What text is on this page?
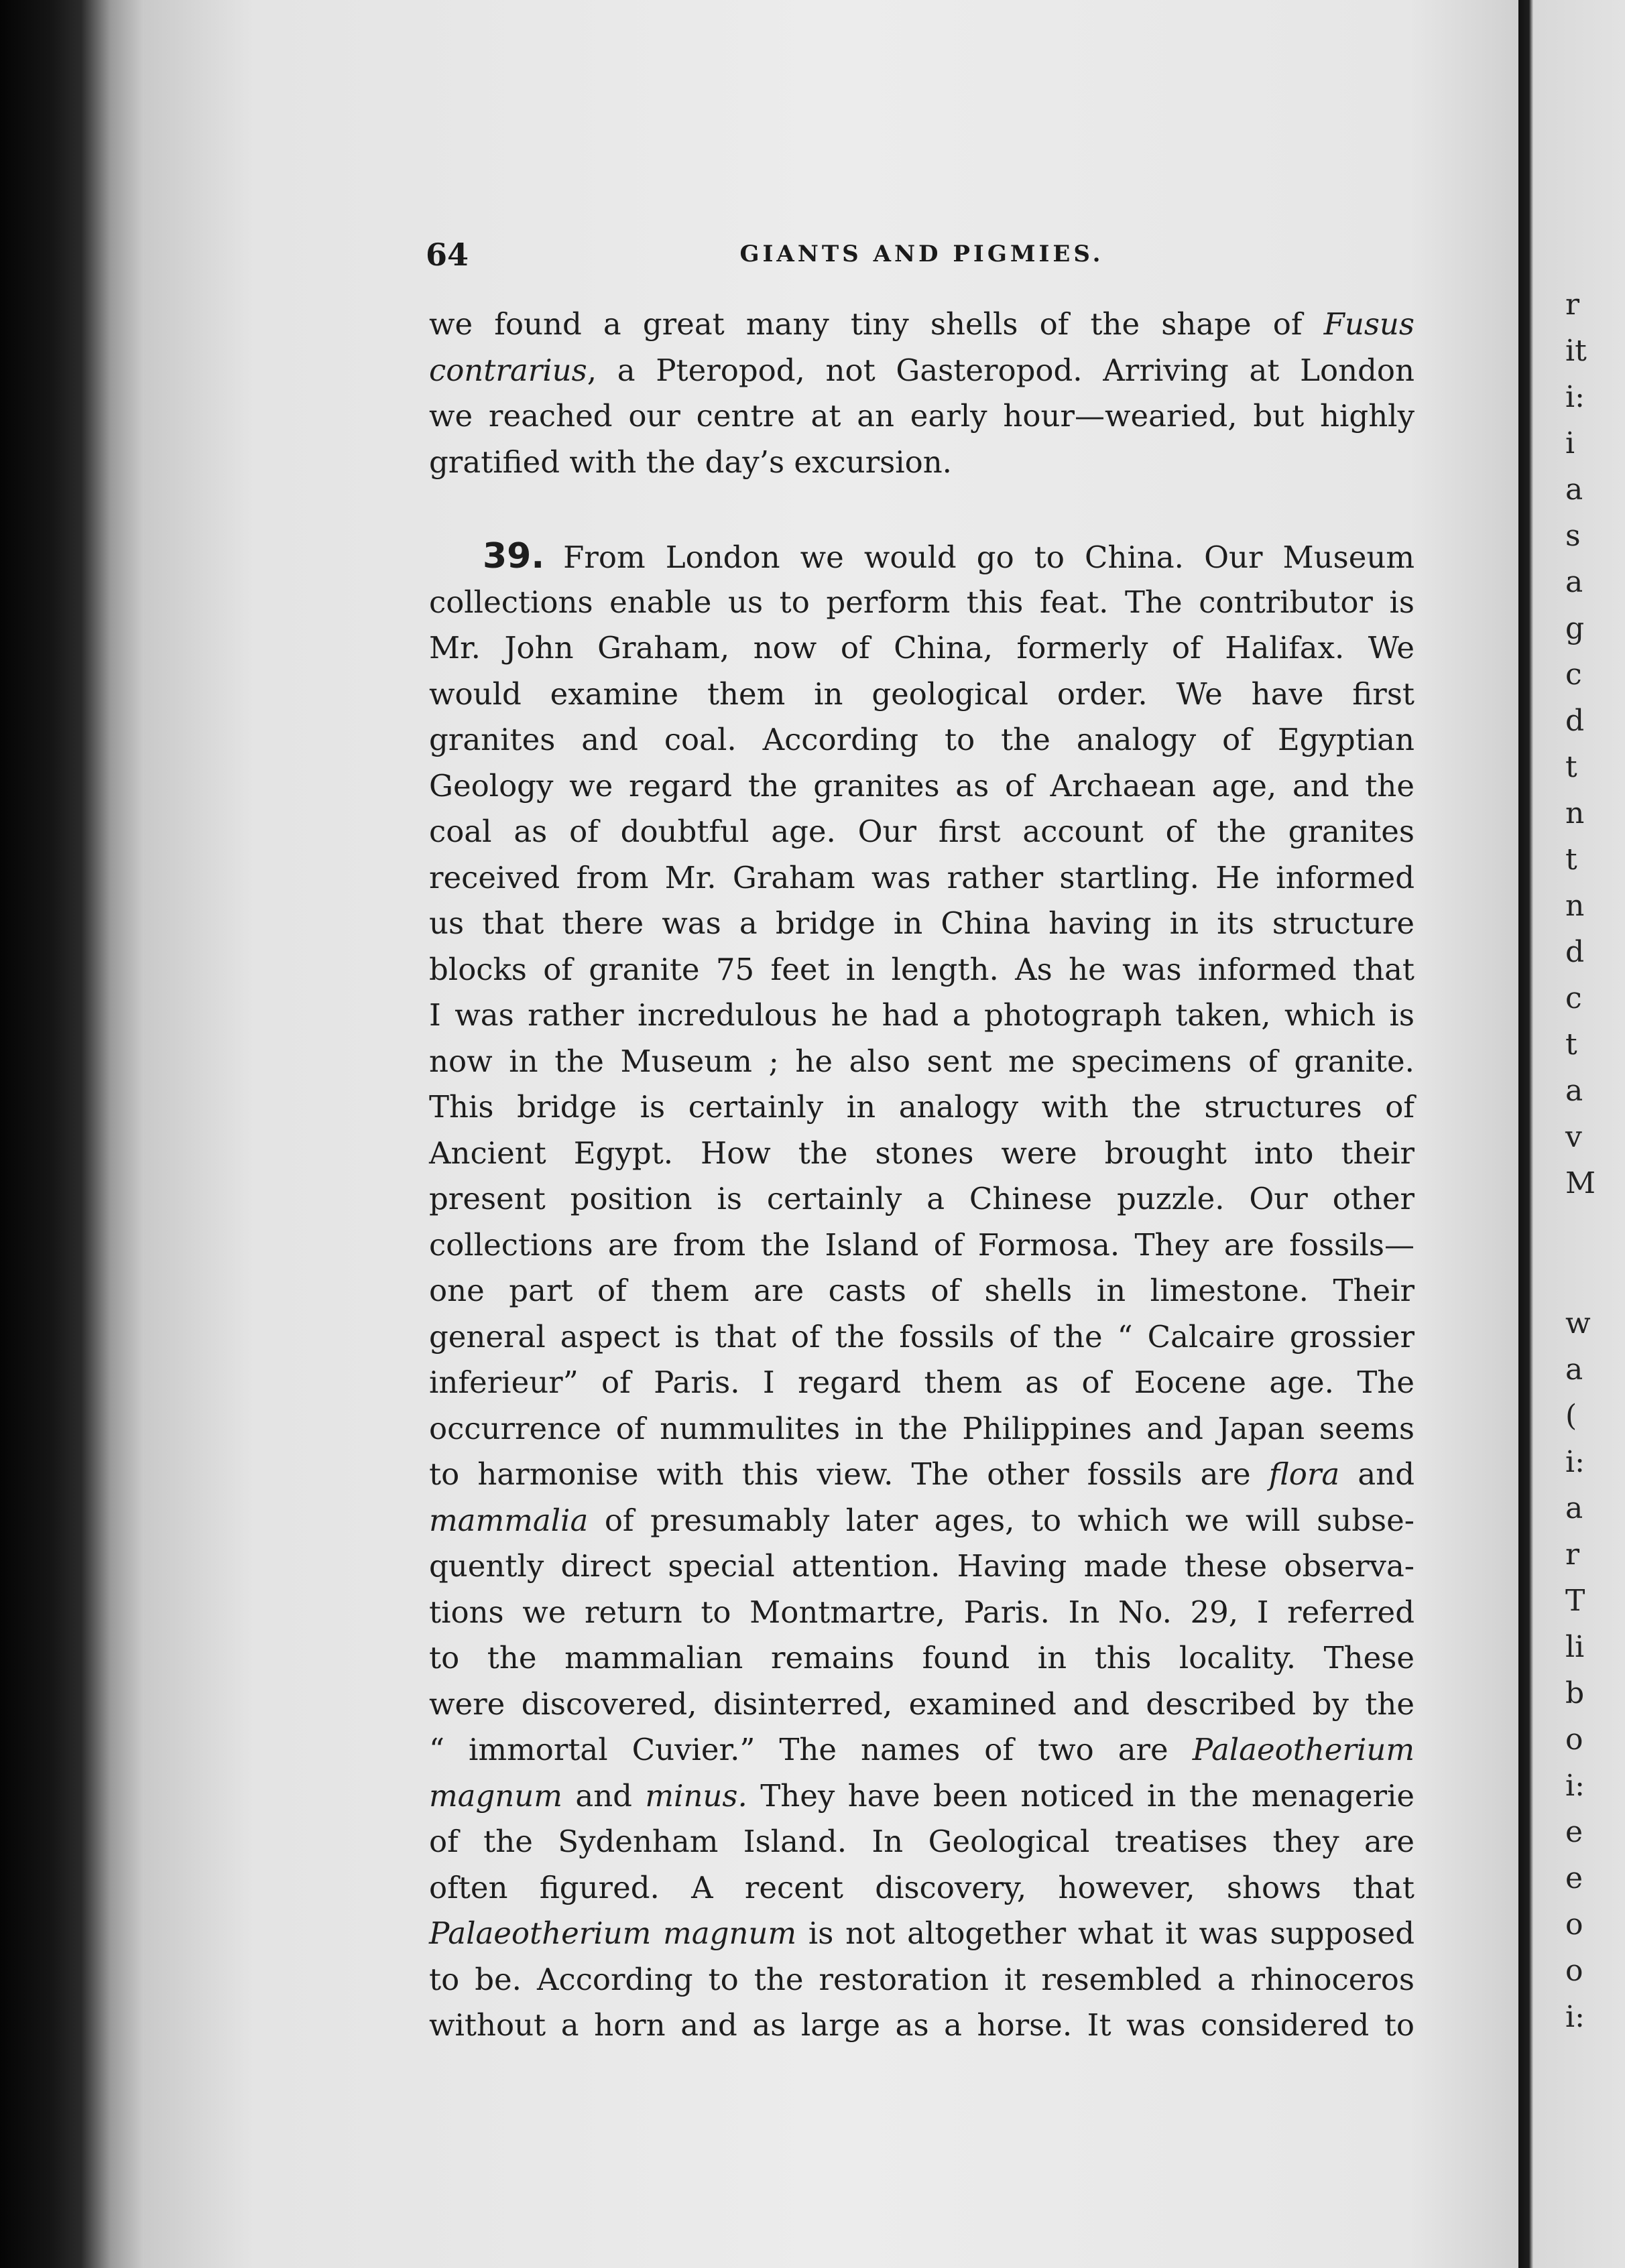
r
it
i:
i
a
s
a
g
c
d
t
n
t
n
d
c
t
a
v
M
w
a
(
i:
a
r
T
li
b
o
i:
e
e
o
o
i:
64	GIANTS AND PIGMIES.
we found a great many tiny shells of the shape of Fusus
contrarius, a Pteropod, not Gasteropod. Arriving at London
we reached our centre at an early hour—wearied, but highly
gratified with the day’s excursion.
39. From London we would go to China. Our Museum
collections enable us to perform this feat. The contributor is
Mr. John Graham, now of China, formerly of Halifax. We
would examine them in geological order. We have first
granites and coal. According to the analogy of Egyptian
Geology we regard the granites as of Archaean age, and the
coal as of doubtful age. Our first account of the granites
received from Mr. Graham was rather startling. He informed
us that there was a bridge in China having in its structure
blocks of granite 75 feet in length. As he was informed that
I was rather incredulous he had a photograph taken, which is
now in the Museum ; he also sent me specimens of granite.
This bridge is certainly in analogy with the structures of
Ancient Egypt. How the stones were brought into their
present position is certainly a Chinese puzzle. Our other
collections are from the Island of Formosa. They are fossils—
one part of them are casts of shells in limestone. Their
general aspect is that of the fossils of the “ Calcaire grossier
inferieur” of Paris. I regard them as of Eocene age. The
occurrence of nummulites in the Philippines and Japan seems
to harmonise with this view. The other fossils are flora and
mammalia of presumably later ages, to which we will subse-
quently direct special attention. Having made these observa-
tions we return to Montmartre, Paris. In No. 29, I referred
to the mammalian remains found in this locality. These
were discovered, disinterred, examined and described by the
“ immortal Cuvier.” The names of two are Palaeotherium
magnum and minus. They have been noticed in the menagerie
of the Sydenham Island. In Geological treatises they are
often figured. A recent discovery, however, shows that
Palaeotherium magnum is not altogether what it was supposed
to be. According to the restoration it resembled a rhinoceros
without a horn and as large as a horse. It was considered to
